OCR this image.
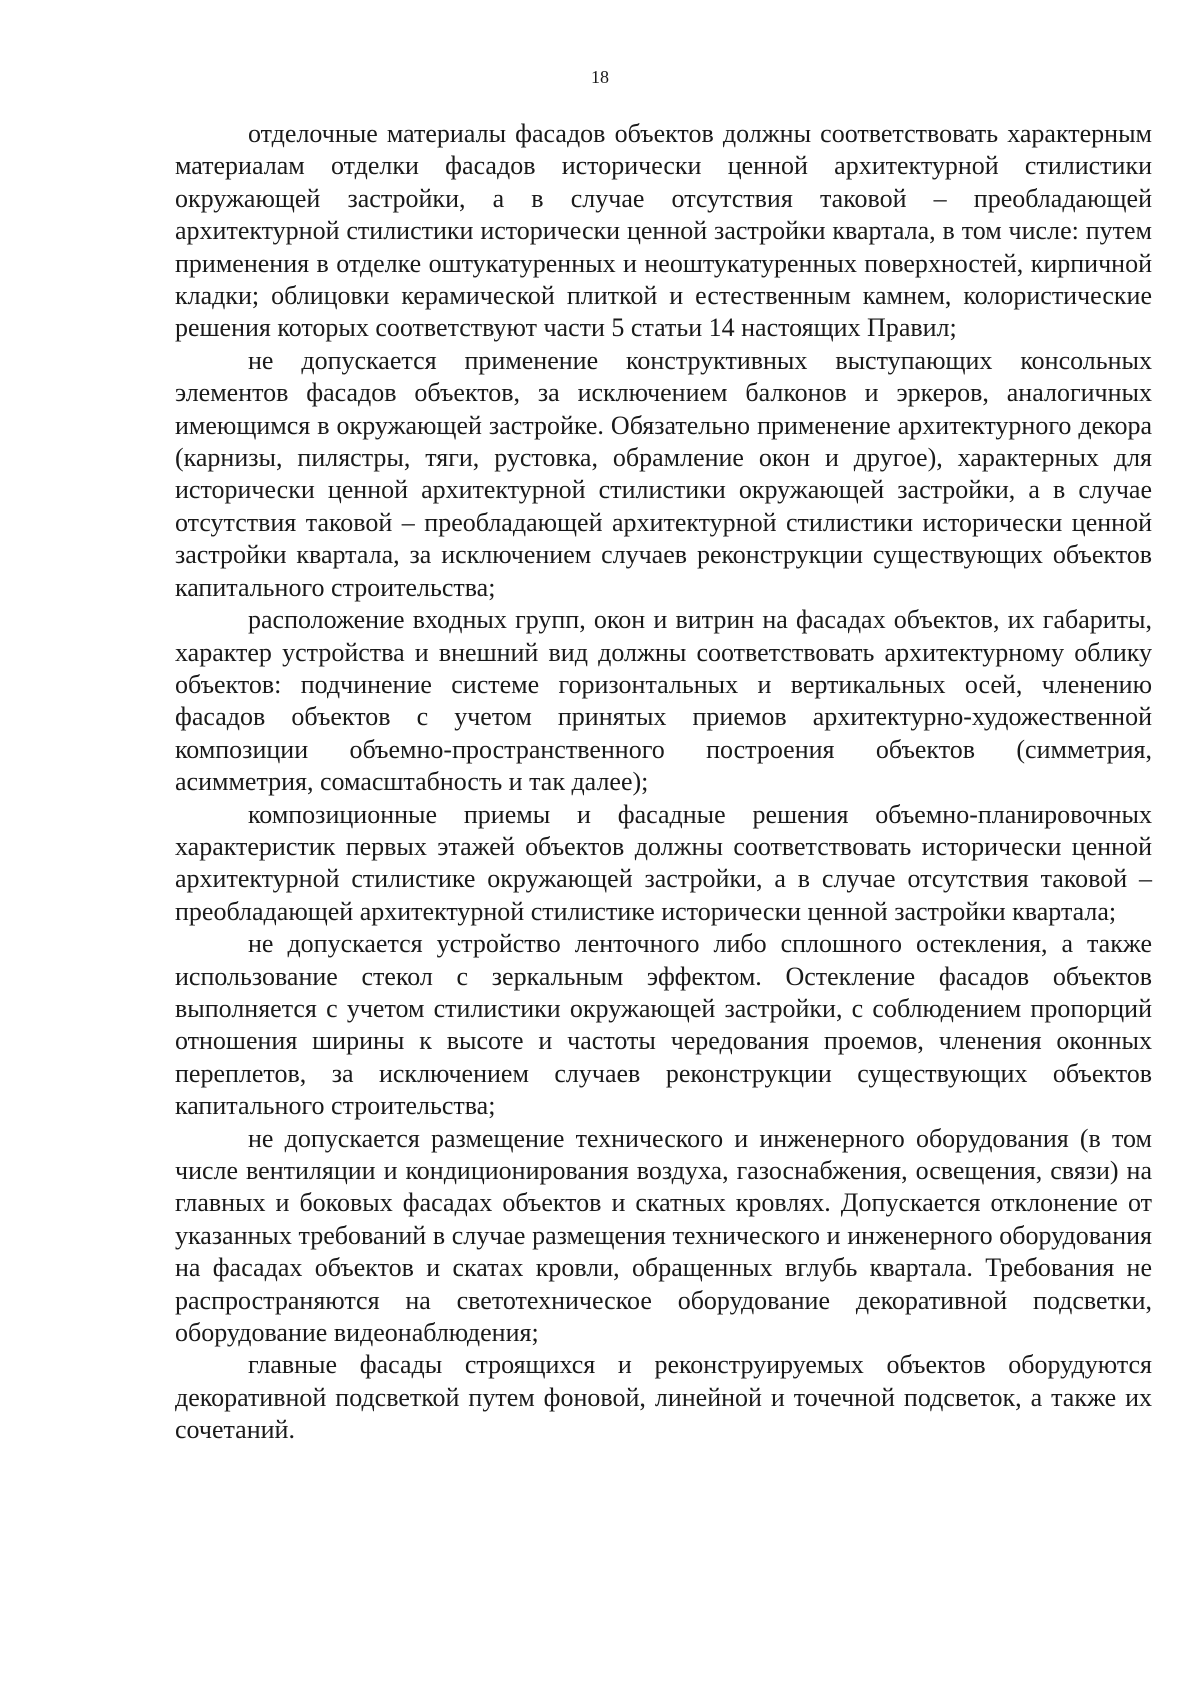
18

отделочные материалы фасадов объектов должны соответствовать характерным материалам отделки фасадов исторически ценной архитектурной стилистики окружающей застройки, а в случае отсутствия таковой – преобладающей архитектурной стилистики исторически ценной застройки квартала, в том числе: путем применения в отделке оштукатуренных и неоштукатуренных поверхностей, кирпичной кладки; облицовки керамической плиткой и естественным камнем, колористические решения которых соответствуют части 5 статьи 14 настоящих Правил;

не допускается применение конструктивных выступающих консольных элементов фасадов объектов, за исключением балконов и эркеров, аналогичных имеющимся в окружающей застройке. Обязательно применение архитектурного декора (карнизы, пилястры, тяги, рустовка, обрамление окон и другое), характерных для исторически ценной архитектурной стилистики окружающей застройки, а в случае отсутствия таковой – преобладающей архитектурной стилистики исторически ценной застройки квартала, за исключением случаев реконструкции существующих объектов капитального строительства;

расположение входных групп, окон и витрин на фасадах объектов, их габариты, характер устройства и внешний вид должны соответствовать архитектурному облику объектов: подчинение системе горизонтальных и вертикальных осей, членению фасадов объектов с учетом принятых приемов архитектурно-художественной композиции объемно-пространственного построения объектов (симметрия, асимметрия, сомасштабность и так далее);

композиционные приемы и фасадные решения объемно-планировочных характеристик первых этажей объектов должны соответствовать исторически ценной архитектурной стилистике окружающей застройки, а в случае отсутствия таковой – преобладающей архитектурной стилистике исторически ценной застройки квартала;

не допускается устройство ленточного либо сплошного остекления, а также использование стекол с зеркальным эффектом. Остекление фасадов объектов выполняется с учетом стилистики окружающей застройки, с соблюдением пропорций отношения ширины к высоте и частоты чередования проемов, членения оконных переплетов, за исключением случаев реконструкции существующих объектов капитального строительства;

не допускается размещение технического и инженерного оборудования (в том числе вентиляции и кондиционирования воздуха, газоснабжения, освещения, связи) на главных и боковых фасадах объектов и скатных кровлях. Допускается отклонение от указанных требований в случае размещения технического и инженерного оборудования на фасадах объектов и скатах кровли, обращенных вглубь квартала. Требования не распространяются на светотехническое оборудование декоративной подсветки, оборудование видеонаблюдения;

главные фасады строящихся и реконструируемых объектов оборудуются декоративной подсветкой путем фоновой, линейной и точечной подсветок, а также их сочетаний.
